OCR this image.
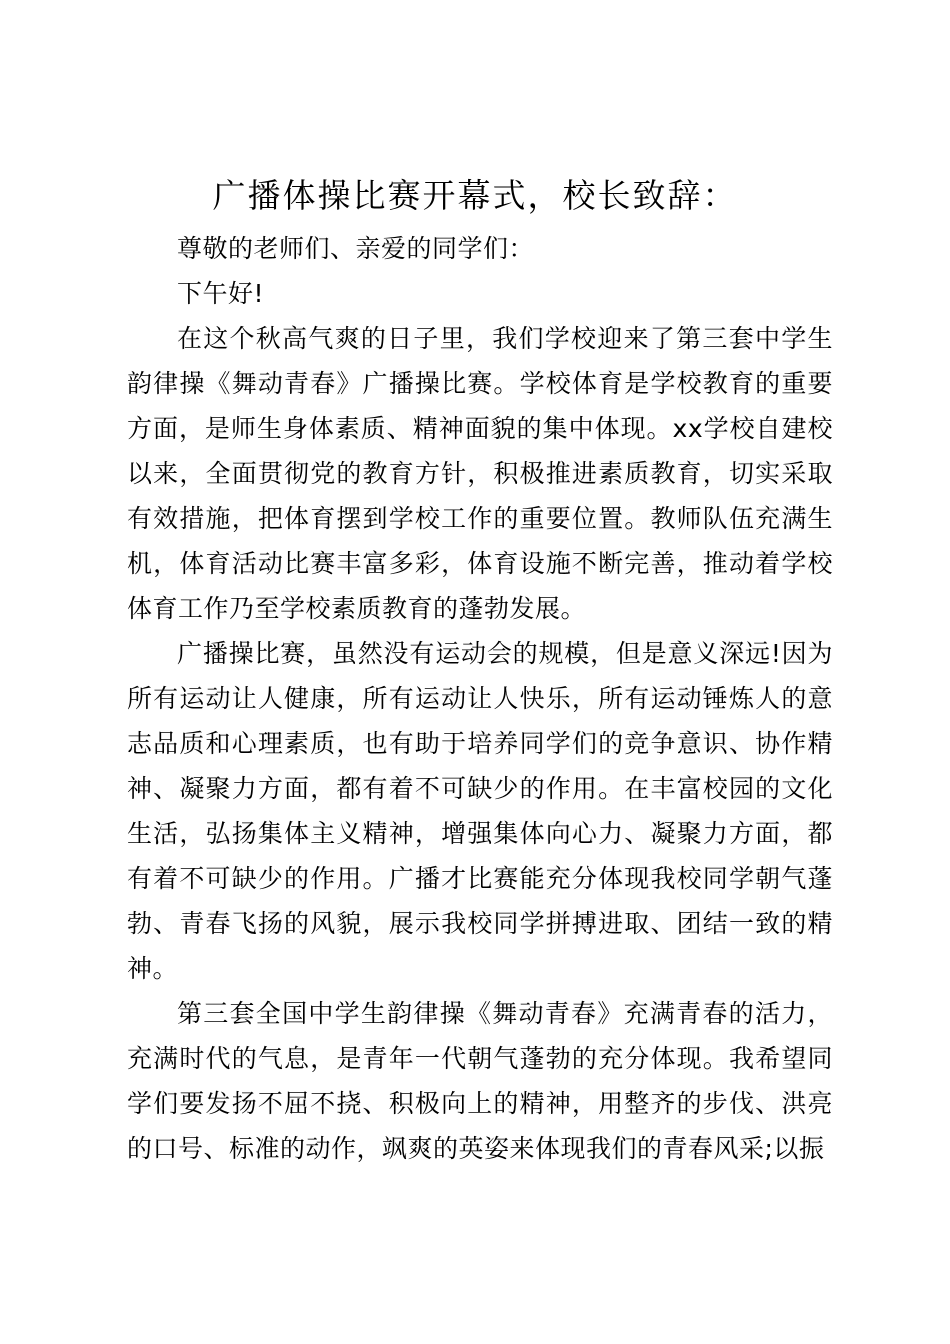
广播体操比赛开幕式，校长致辞：

尊敬的老师们、亲爱的同学们：

下午好!

在这个秋高气爽的日子里，我们学校迎来了第三套中学生韵律操《舞动青春》广播操比赛。学校体育是学校教育的重要方面，是师生身体素质、精神面貌的集中体现。xx学校自建校以来，全面贯彻党的教育方针，积极推进素质教育，切实采取有效措施，把体育摆到学校工作的重要位置。教师队伍充满生机，体育活动比赛丰富多彩，体育设施不断完善，推动着学校体育工作乃至学校素质教育的蓬勃发展。

广播操比赛，虽然没有运动会的规模，但是意义深远!因为所有运动让人健康，所有运动让人快乐，所有运动锤炼人的意志品质和心理素质，也有助于培养同学们的竞争意识、协作精神、凝聚力方面，都有着不可缺少的作用。在丰富校园的文化生活，弘扬集体主义精神，增强集体向心力、凝聚力方面，都有着不可缺少的作用。广播才比赛能充分体现我校同学朝气蓬勃、青春飞扬的风貌，展示我校同学拼搏进取、团结一致的精神。

第三套全国中学生韵律操《舞动青春》充满青春的活力，充满时代的气息，是青年一代朝气蓬勃的充分体现。我希望同学们要发扬不屈不挠、积极向上的精神，用整齐的步伐、洪亮的口号、标准的动作，飒爽的英姿来体现我们的青春风采;以振
